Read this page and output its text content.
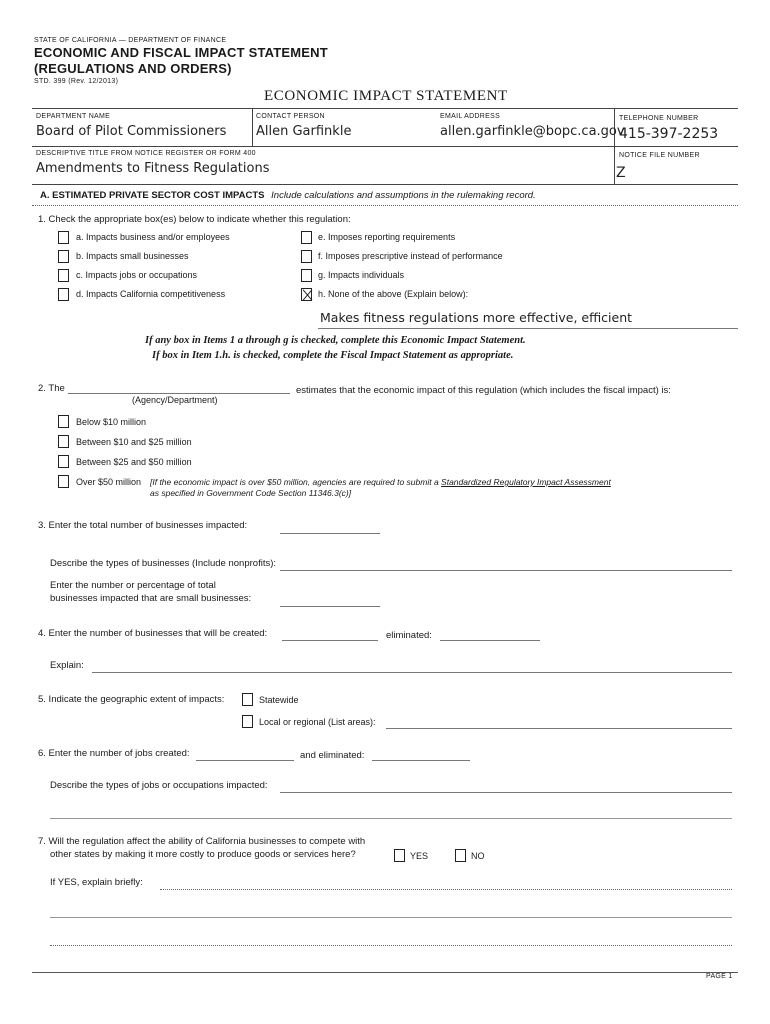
STATE OF CALIFORNIA — DEPARTMENT OF FINANCE
ECONOMIC AND FISCAL IMPACT STATEMENT
(REGULATIONS AND ORDERS)
STD. 399 (Rev. 12/2013)
ECONOMIC IMPACT STATEMENT
DEPARTMENT NAME
Board of Pilot Commissioners
CONTACT PERSON
Allen Garfinkle
EMAIL ADDRESS
allen.garfinkle@bopc.ca.gov
TELEPHONE NUMBER
415-397-2253
DESCRIPTIVE TITLE FROM NOTICE REGISTER OR FORM 400
Amendments to Fitness Regulations
NOTICE FILE NUMBER
Z
A. ESTIMATED PRIVATE SECTOR COST IMPACTS Include calculations and assumptions in the rulemaking record.
1. Check the appropriate box(es) below to indicate whether this regulation:
a. Impacts business and/or employees
b. Impacts small businesses
c. Impacts jobs or occupations
d. Impacts California competitiveness
e. Imposes reporting requirements
f. Imposes prescriptive instead of performance
g. Impacts individuals
h. None of the above (Explain below):
Makes fitness regulations more effective, efficient
If any box in Items 1 a through g is checked, complete this Economic Impact Statement.
If box in Item 1.h. is checked, complete the Fiscal Impact Statement as appropriate.
2. The
(Agency/Department)
estimates that the economic impact of this regulation (which includes the fiscal impact) is:
Below $10 million
Between $10 and $25 million
Between $25 and $50 million
Over $50 million [If the economic impact is over $50 million, agencies are required to submit a Standardized Regulatory Impact Assessment
as specified in Government Code Section 11346.3(c)]
3. Enter the total number of businesses impacted:
Describe the types of businesses (Include nonprofits):
Enter the number or percentage of total
businesses impacted that are small businesses:
4. Enter the number of businesses that will be created:	eliminated:
Explain:
5. Indicate the geographic extent of impacts:	Statewide
Local or regional (List areas):
6. Enter the number of jobs created:	and eliminated:
Describe the types of jobs or occupations impacted:
7. Will the regulation affect the ability of California businesses to compete with
other states by making it more costly to produce goods or services here?	YES	NO
If YES, explain briefly:
PAGE 1
